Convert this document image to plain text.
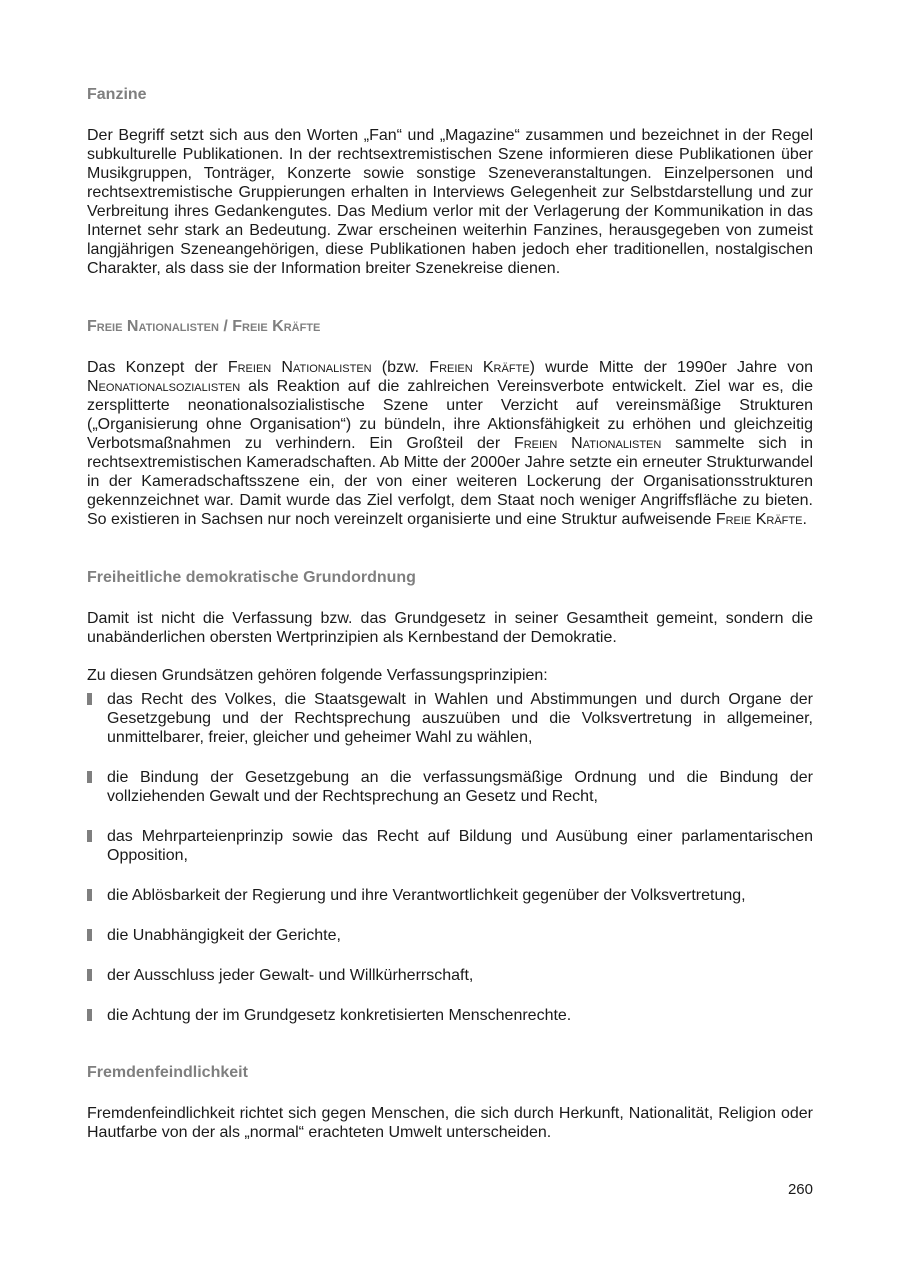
Fanzine

Der Begriff setzt sich aus den Worten „Fan“ und „Magazine“ zusammen und bezeichnet in der Regel subkulturelle Publikationen. In der rechtsextremistischen Szene informieren diese Publikationen über Musikgruppen, Tonträger, Konzerte sowie sonstige Szeneveranstaltungen. Einzelpersonen und rechtsextremistische Gruppierungen erhalten in Interviews Gelegenheit zur Selbstdarstellung und zur Verbreitung ihres Gedankengutes. Das Medium verlor mit der Verlagerung der Kommunikation in das Internet sehr stark an Bedeutung. Zwar erscheinen weiterhin Fanzines, herausgegeben von zumeist langjährigen Szeneangehörigen, diese Publikationen haben jedoch eher traditionellen, nostalgischen Charakter, als dass sie der Information breiter Szenekreise dienen.

Freie Nationalisten / Freie Kräfte

Das Konzept der Freien Nationalisten (bzw. Freien Kräfte) wurde Mitte der 1990er Jahre von Neonationalsozialisten als Reaktion auf die zahlreichen Vereinsverbote entwickelt. Ziel war es, die zersplitterte neonationalsozialistische Szene unter Verzicht auf vereinsmäßige Strukturen („Organisierung ohne Organisation“) zu bündeln, ihre Aktionsfähigkeit zu erhöhen und gleichzeitig Verbotsmaßnahmen zu verhindern. Ein Großteil der Freien Nationalisten sammelte sich in rechtsextremistischen Kameradschaften. Ab Mitte der 2000er Jahre setzte ein erneuter Strukturwandel in der Kameradschaftsszene ein, der von einer weiteren Lockerung der Organisationsstrukturen gekennzeichnet war. Damit wurde das Ziel verfolgt, dem Staat noch weniger Angriffsfläche zu bieten. So existieren in Sachsen nur noch vereinzelt organisierte und eine Struktur aufweisende Freie Kräfte.

Freiheitliche demokratische Grundordnung

Damit ist nicht die Verfassung bzw. das Grundgesetz in seiner Gesamtheit gemeint, sondern die unabänderlichen obersten Wertprinzipien als Kernbestand der Demokratie.

Zu diesen Grundsätzen gehören folgende Verfassungsprinzipien:

das Recht des Volkes, die Staatsgewalt in Wahlen und Abstimmungen und durch Organe der Gesetzgebung und der Rechtsprechung auszuüben und die Volksvertretung in allgemeiner, unmittelbarer, freier, gleicher und geheimer Wahl zu wählen,
die Bindung der Gesetzgebung an die verfassungsmäßige Ordnung und die Bindung der vollziehenden Gewalt und der Rechtsprechung an Gesetz und Recht,
das Mehrparteienprinzip sowie das Recht auf Bildung und Ausübung einer parlamentarischen Opposition,
die Ablösbarkeit der Regierung und ihre Verantwortlichkeit gegenüber der Volksvertretung,
die Unabhängigkeit der Gerichte,
der Ausschluss jeder Gewalt- und Willkürherrschaft,
die Achtung der im Grundgesetz konkretisierten Menschenrechte.
Fremdenfeindlichkeit

Fremdenfeindlichkeit richtet sich gegen Menschen, die sich durch Herkunft, Nationalität, Religion oder Hautfarbe von der als „normal“ erachteten Umwelt unterscheiden.

260
